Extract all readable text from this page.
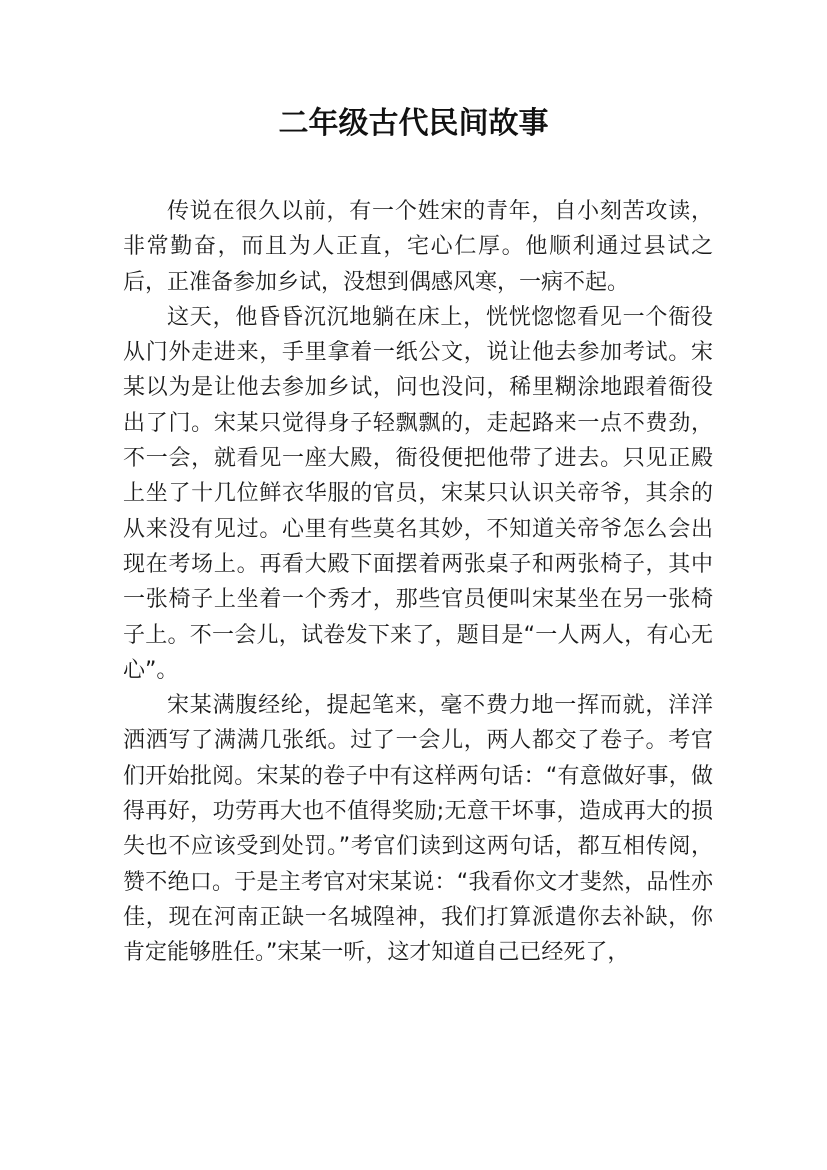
二年级古代民间故事

传说在很久以前，有一个姓宋的青年，自小刻苦攻读，非常勤奋，而且为人正直，宅心仁厚。他顺利通过县试之后，正准备参加乡试，没想到偶感风寒，一病不起。

这天，他昏昏沉沉地躺在床上，恍恍惚惚看见一个衙役从门外走进来，手里拿着一纸公文，说让他去参加考试。宋某以为是让他去参加乡试，问也没问，稀里糊涂地跟着衙役出了门。宋某只觉得身子轻飘飘的，走起路来一点不费劲，不一会，就看见一座大殿，衙役便把他带了进去。只见正殿上坐了十几位鲜衣华服的官员，宋某只认识关帝爷，其余的从来没有见过。心里有些莫名其妙，不知道关帝爷怎么会出现在考场上。再看大殿下面摆着两张桌子和两张椅子，其中一张椅子上坐着一个秀才，那些官员便叫宋某坐在另一张椅子上。不一会儿，试卷发下来了，题目是“一人两人，有心无心”。

宋某满腹经纶，提起笔来，毫不费力地一挥而就，洋洋洒洒写了满满几张纸。过了一会儿，两人都交了卷子。考官们开始批阅。宋某的卷子中有这样两句话：“有意做好事，做得再好，功劳再大也不值得奖励;无意干坏事，造成再大的损失也不应该受到处罚。”考官们读到这两句话，都互相传阅，赞不绝口。于是主考官对宋某说：“我看你文才斐然，品性亦佳，现在河南正缺一名城隍神，我们打算派遣你去补缺，你肯定能够胜任。”宋某一听，这才知道自己已经死了，
